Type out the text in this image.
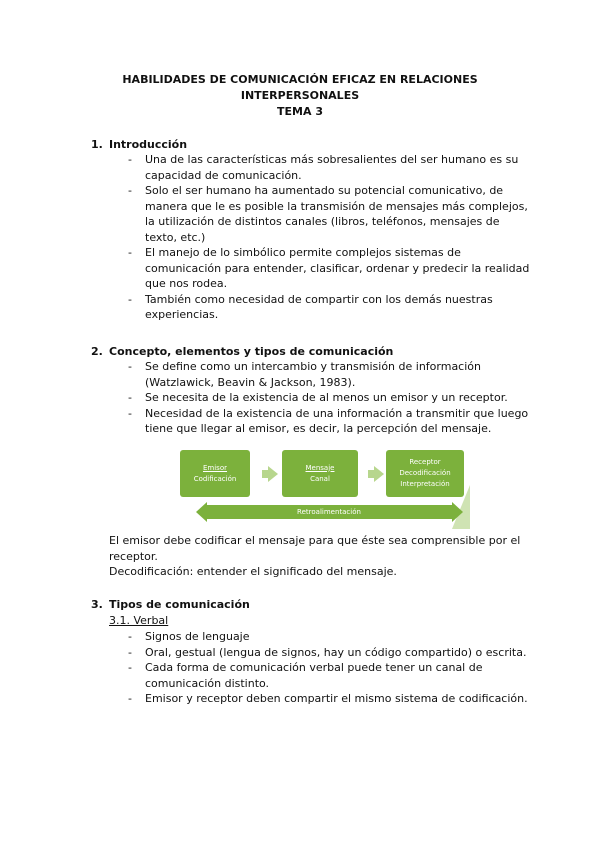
HABILIDADES DE COMUNICACIÓN EFICAZ EN RELACIONES
INTERPERSONALES
TEMA 3
1. Introducción
- Una de las características más sobresalientes del ser humano es su capacidad de comunicación.
- Solo el ser humano ha aumentado su potencial comunicativo, de manera que le es posible la transmisión de mensajes más complejos, la utilización de distintos canales (libros, teléfonos, mensajes de texto, etc.)
- El manejo de lo simbólico permite complejos sistemas de comunicación para entender, clasificar, ordenar y predecir la realidad que nos rodea.
- También como necesidad de compartir con los demás nuestras experiencias.
2. Concepto, elementos y tipos de comunicación
- Se define como un intercambio y transmisión de información (Watzlawick, Beavin & Jackson, 1983).
- Se necesita de la existencia de al menos un emisor y un receptor.
- Necesidad de la existencia de una información a transmitir que luego tiene que llegar al emisor, es decir, la percepción del mensaje.
Emisor
Codificación
Mensaje
Canal
Receptor
Decodificación
Interpretación
Retroalimentación

El emisor debe codificar el mensaje para que éste sea comprensible por el receptor.

Decodificación: entender el significado del mensaje.

3. Tipos de comunicación
3.1. Verbal
- Signos de lenguaje
- Oral, gestual (lengua de signos, hay un código compartido) o escrita.
- Cada forma de comunicación verbal puede tener un canal de comunicación distinto.
- Emisor y receptor deben compartir el mismo sistema de codificación.
